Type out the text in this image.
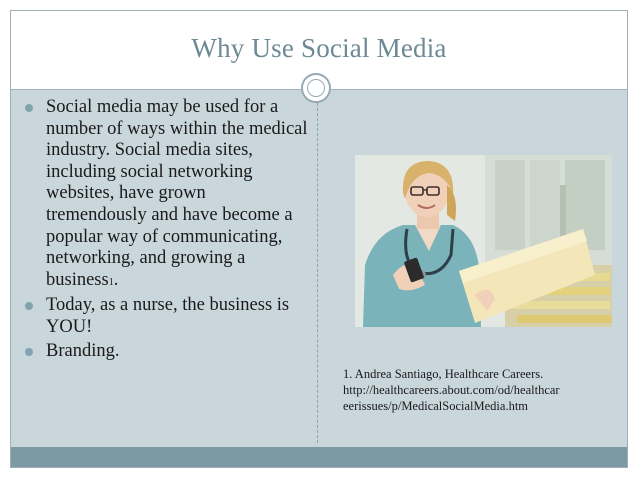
Why Use Social Media
Social media may be used for a number of ways within the medical industry. Social media sites, including social networking websites, have grown tremendously and have become a popular way of communicating, networking, and growing a business1.
Today, as a nurse, the business is YOU!
Branding.
1. Andrea Santiago, Healthcare Careers.
http://healthcareers.about.com/od/healthcar
eerissues/p/MedicalSocialMedia.htm
